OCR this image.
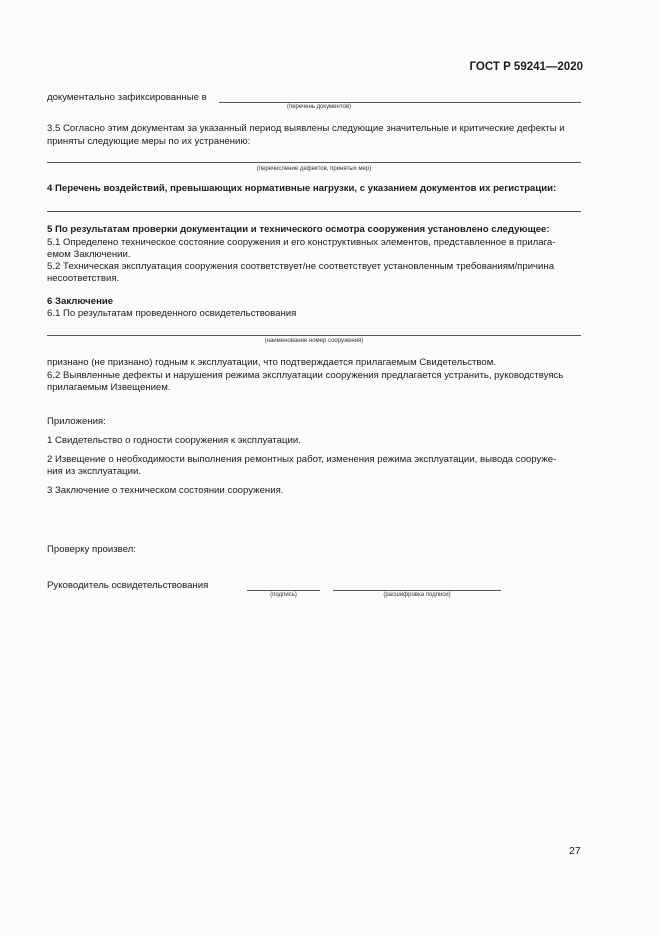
ГОСТ Р 59241—2020
документально зафиксированные в
(перечень документов)
3.5 Согласно этим документам за указанный период выявлены следующие значительные и критические дефекты и
приняты следующие меры по их устранению:
(перечисление дефектов, принятых мер)
4 Перечень воздействий, превышающих нормативные нагрузки, с указанием документов их регистрации:
5 По результатам проверки документации и технического осмотра сооружения установлено следующее:
5.1 Определено техническое состояние сооружения и его конструктивных элементов, представленное в прилага-
емом Заключении.
5.2 Техническая эксплуатация сооружения соответствует/не соответствует установленным требованиям/причина
несоответствия.
6 Заключение
6.1 По результатам проведенного освидетельствования
(наименование номер сооружения)
признано (не признано) годным к эксплуатации, что подтверждается прилагаемым Свидетельством.
6.2 Выявленные дефекты и нарушения режима эксплуатации сооружения предлагается устранить, руководствуясь
прилагаемым Извещением.
Приложения:
1 Свидетельство о годности сооружения к эксплуатации.
2 Извещение о необходимости выполнения ремонтных работ, изменения режима эксплуатации, вывода сооруже-
ния из эксплуатации.
3 Заключение о техническом состоянии сооружения.
Проверку произвел:
Руководитель освидетельствования
(подпись)	(расшифровка подписи)
27
